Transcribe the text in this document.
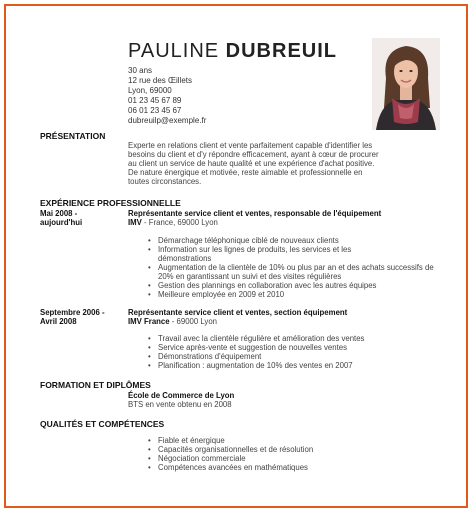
PAULINE DUBREUIL
30 ans
12 rue des Œillets
Lyon, 69000
01 23 45 67 89
06 01 23 45 67
dubreuilp@exemple.fr
PRÉSENTATION
Experte en relations client et vente parfaitement capable d'identifier les
besoins du client et d'y répondre efficacement, ayant à cœur de procurer
au client un service de haute qualité et une expérience d'achat positive.
De nature énergique et motivée, reste aimable et professionnelle en
toutes circonstances.
EXPÉRIENCE PROFESSIONNELLE
Mai 2008 -
aujourd'hui
Représentante service client et ventes, responsable de l'équipement
IMV - France, 69000 Lyon
• Démarchage téléphonique ciblé de nouveaux clients
• Information sur les lignes de produits, les services et les démonstrations
• Augmentation de la clientèle de 10% ou plus par an et des achats successifs de 20% en garantissant un suivi et des visites régulières
• Gestion des plannings en collaboration avec les autres équipes
• Meilleure employée en 2009 et 2010
Septembre 2006 -
Avril 2008
Représentante service client et ventes, section équipement
IMV France - 69000 Lyon
• Travail avec la clientèle régulière et amélioration des ventes
• Service après-vente et suggestion de nouvelles ventes
• Démonstrations d'équipement
• Planification : augmentation de 10% des ventes en 2007
FORMATION ET DIPLÔMES
École de Commerce de Lyon
BTS en vente obtenu en 2008
QUALITÉS ET COMPÉTENCES
• Fiable et énergique
• Capacités organisationnelles et de résolution
• Négociation commerciale
• Compétences avancées en mathématiques
